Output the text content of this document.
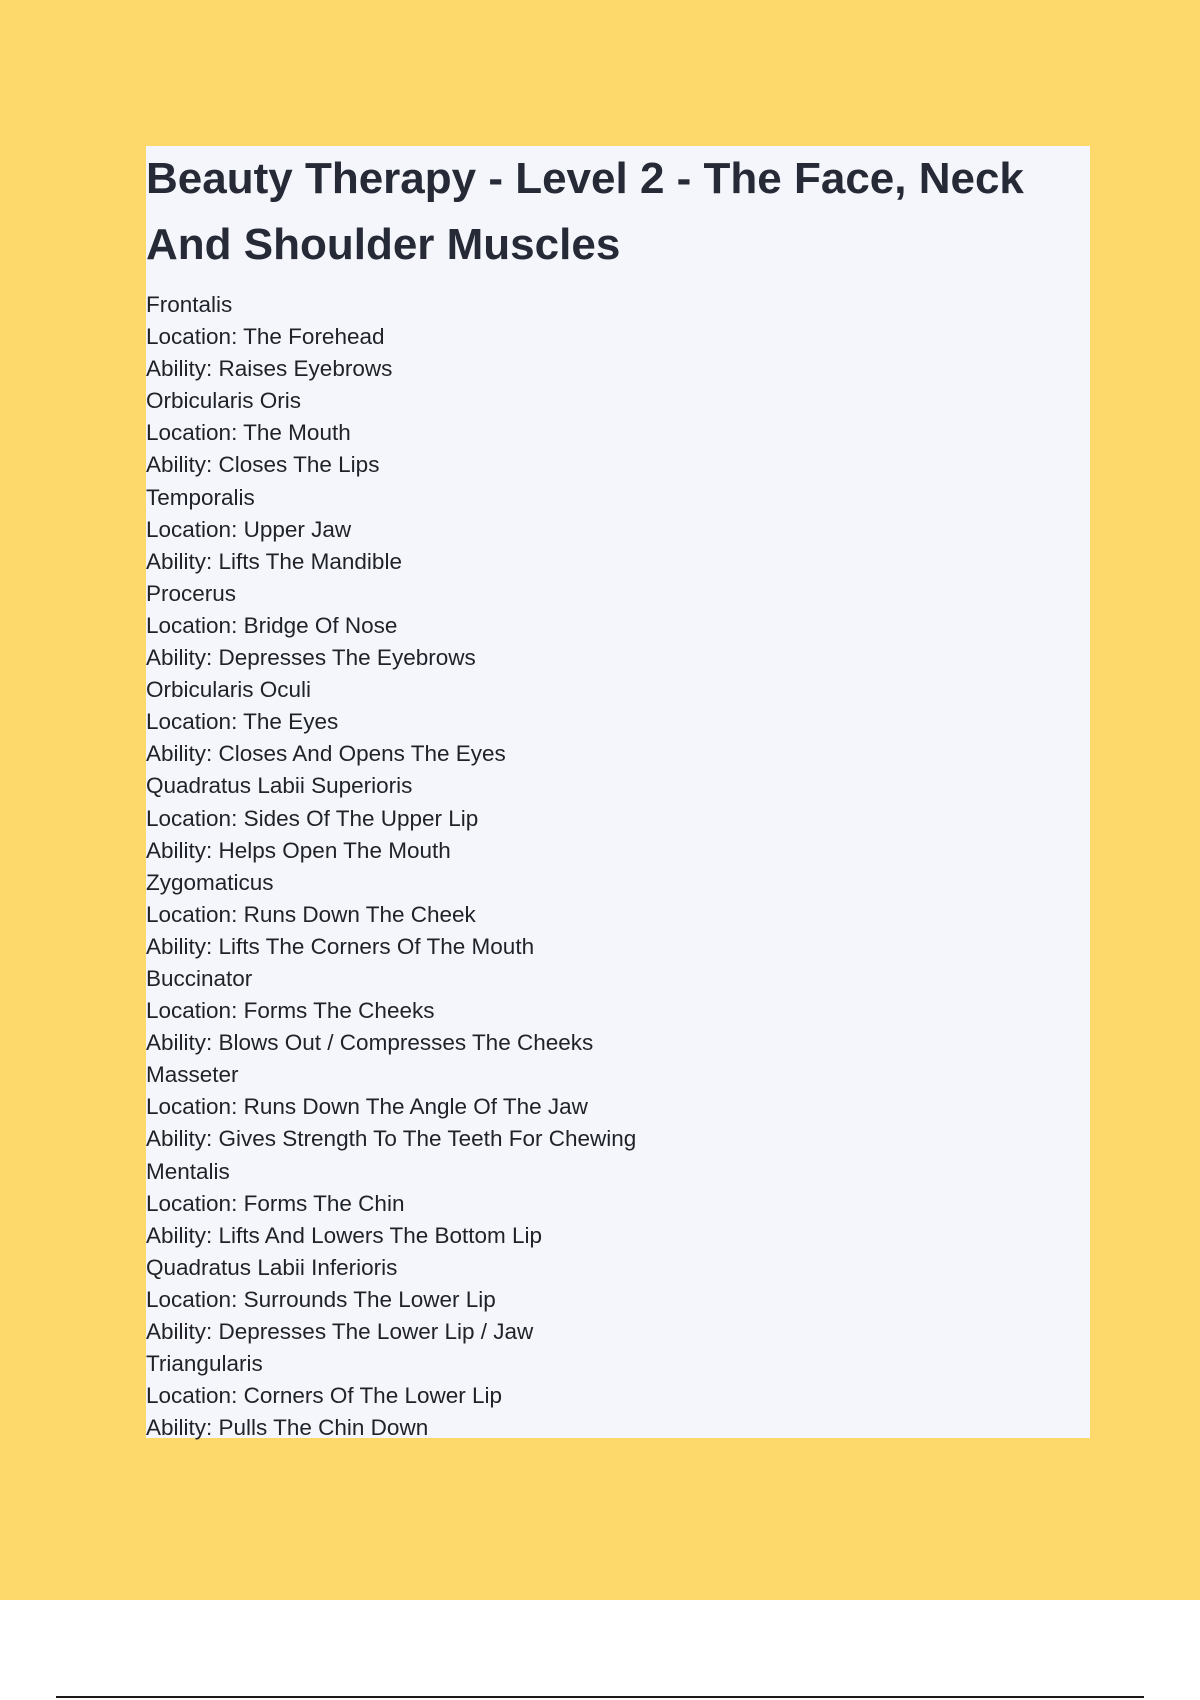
Beauty Therapy - Level 2 - The Face, Neck And Shoulder Muscles
Frontalis
Location: The Forehead
Ability: Raises Eyebrows
Orbicularis Oris
Location: The Mouth
Ability: Closes The Lips
Temporalis
Location: Upper Jaw
Ability: Lifts The Mandible
Procerus
Location: Bridge Of Nose
Ability: Depresses The Eyebrows
Orbicularis Oculi
Location: The Eyes
Ability: Closes And Opens The Eyes
Quadratus Labii Superioris
Location: Sides Of The Upper Lip
Ability: Helps Open The Mouth
Zygomaticus
Location: Runs Down The Cheek
Ability: Lifts The Corners Of The Mouth
Buccinator
Location: Forms The Cheeks
Ability: Blows Out / Compresses The Cheeks
Masseter
Location: Runs Down The Angle Of The Jaw
Ability: Gives Strength To The Teeth For Chewing
Mentalis
Location: Forms The Chin
Ability: Lifts And Lowers The Bottom Lip
Quadratus Labii Inferioris
Location: Surrounds The Lower Lip
Ability: Depresses The Lower Lip / Jaw
Triangularis
Location: Corners Of The Lower Lip
Ability: Pulls The Chin Down
